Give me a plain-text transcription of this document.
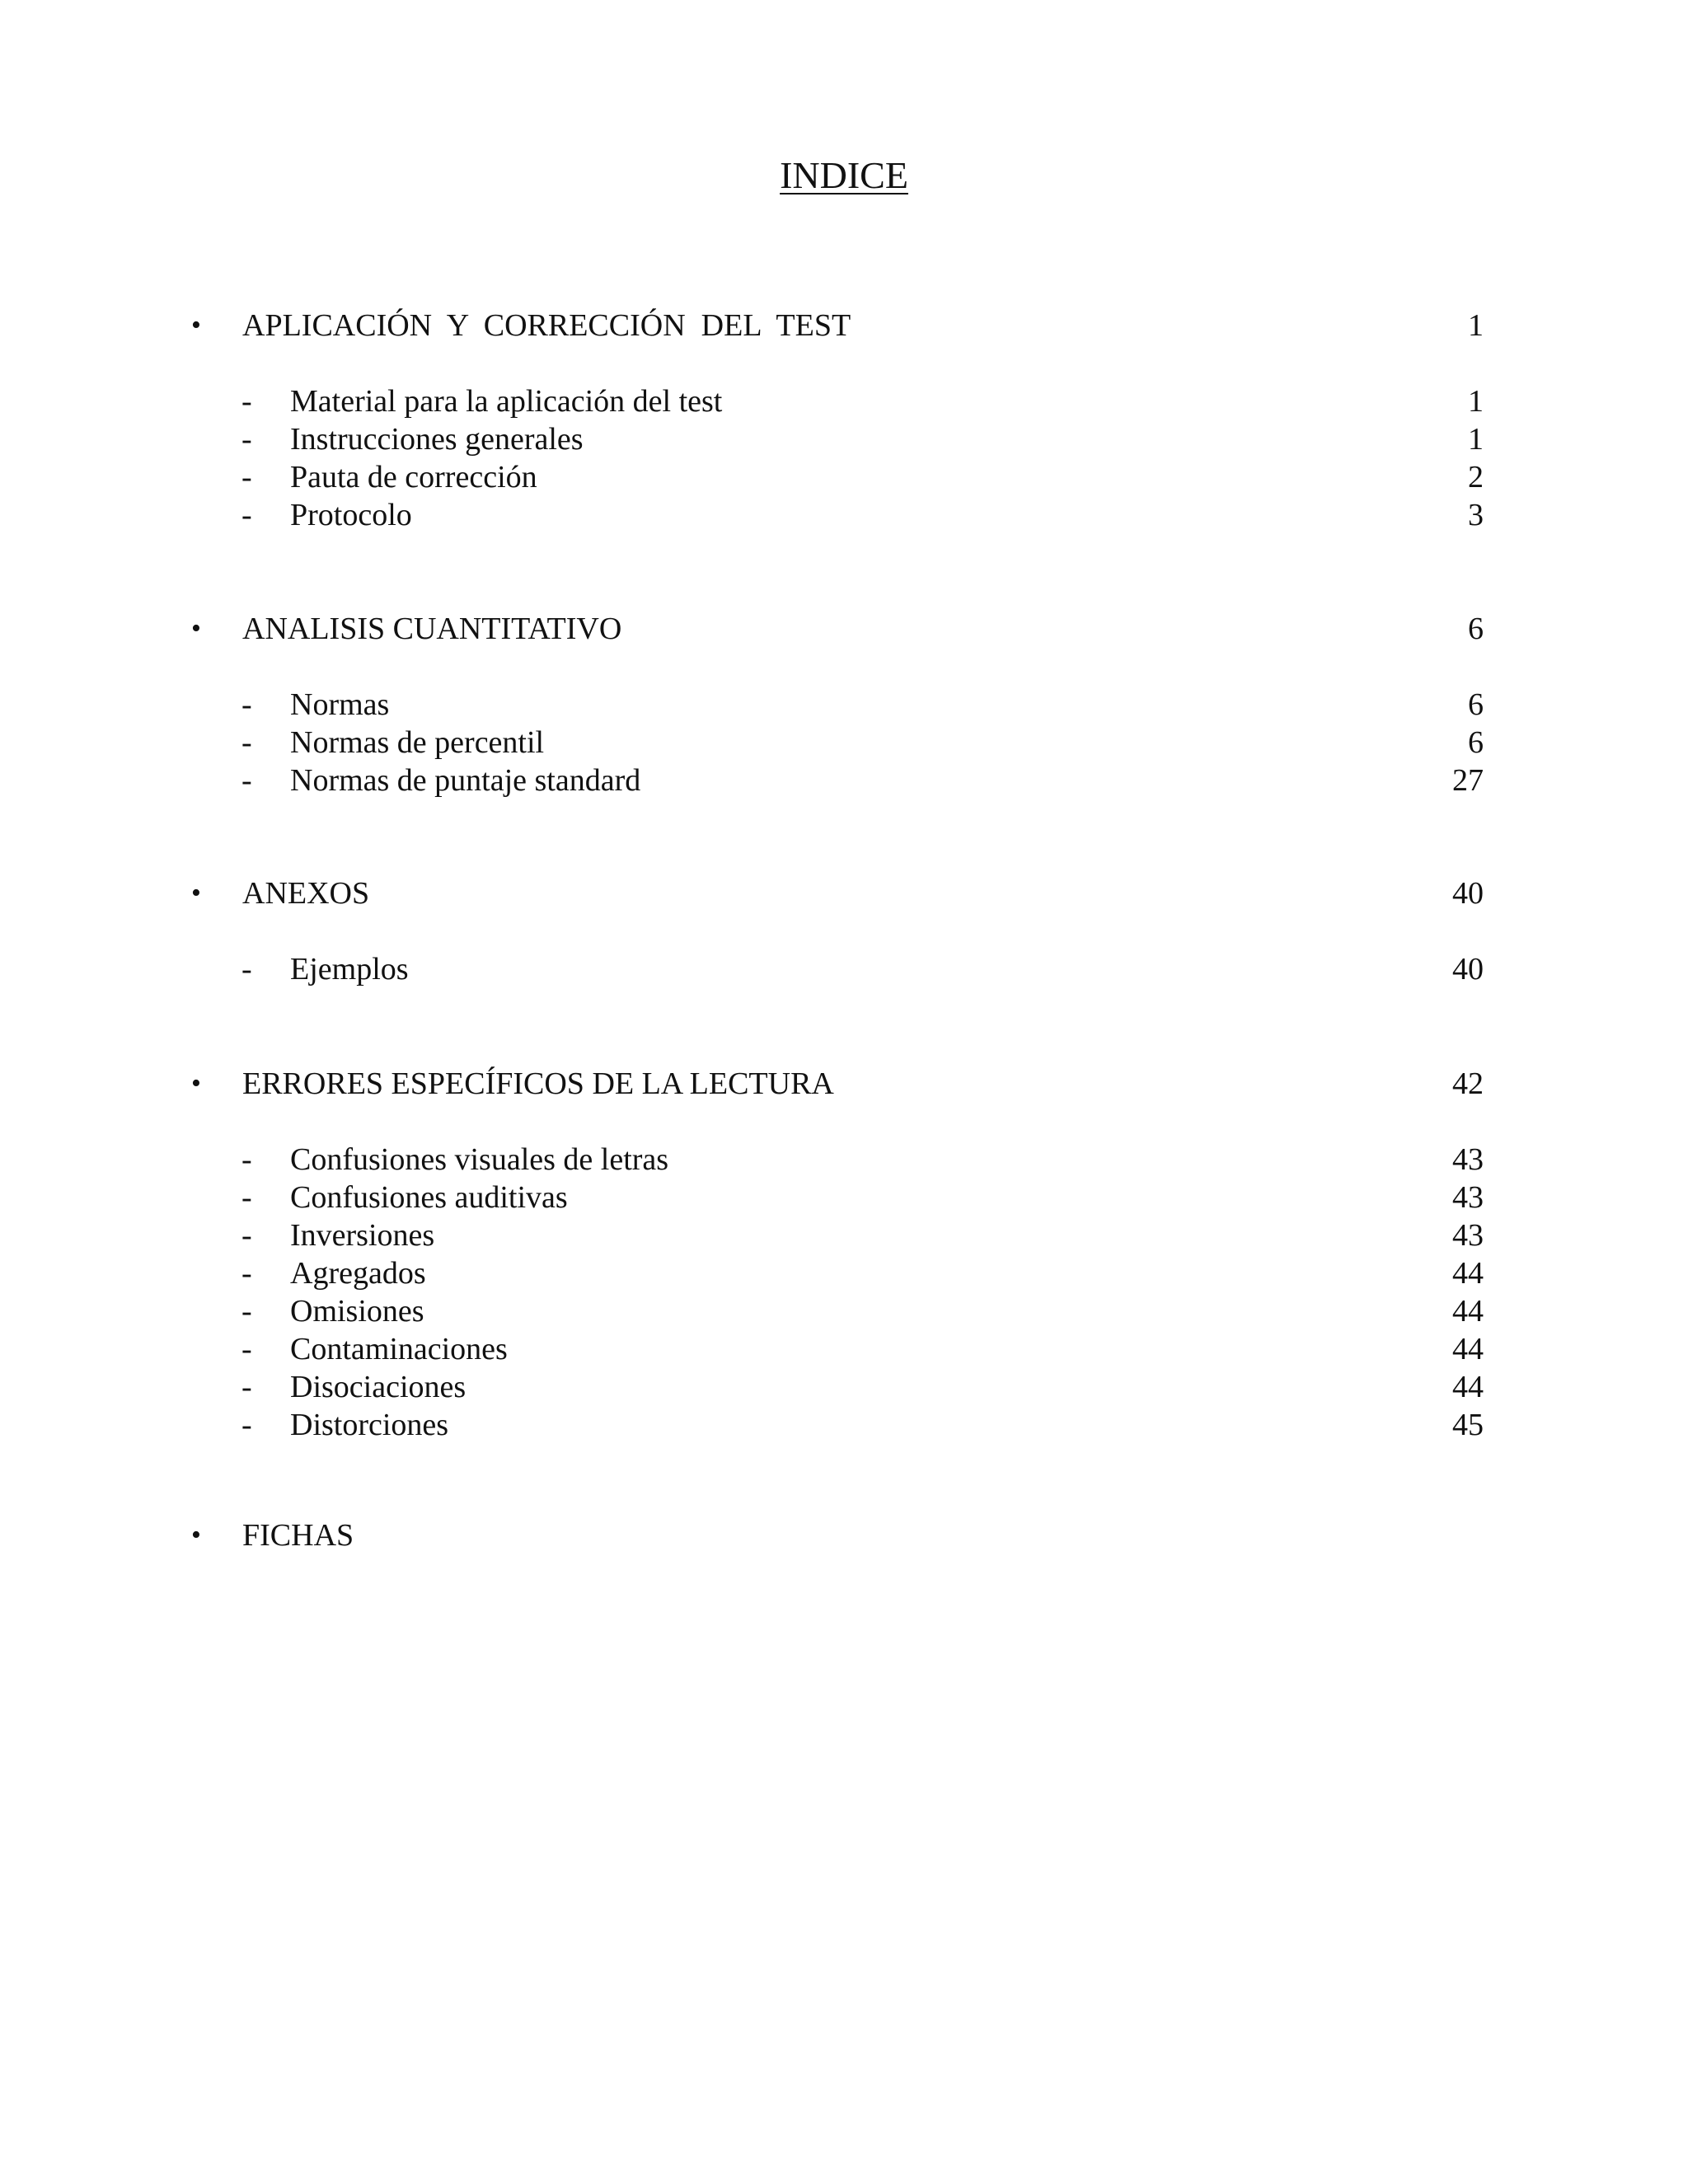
INDICE
• APLICACIÓN  Y  CORRECCIÓN  DEL  TEST	1
- Material para la aplicación del test	1
- Instrucciones generales	1
- Pauta de corrección	2
- Protocolo	3
• ANALISIS CUANTITATIVO	6
- Normas	6
- Normas de percentil	6
- Normas de puntaje standard	27
• ANEXOS	40
- Ejemplos	40
• ERRORES ESPECÍFICOS DE LA LECTURA	42
- Confusiones visuales de letras	43
- Confusiones auditivas	43
- Inversiones	43
- Agregados	44
- Omisiones	44
- Contaminaciones	44
- Disociaciones	44
- Distorciones	45
• FICHAS
